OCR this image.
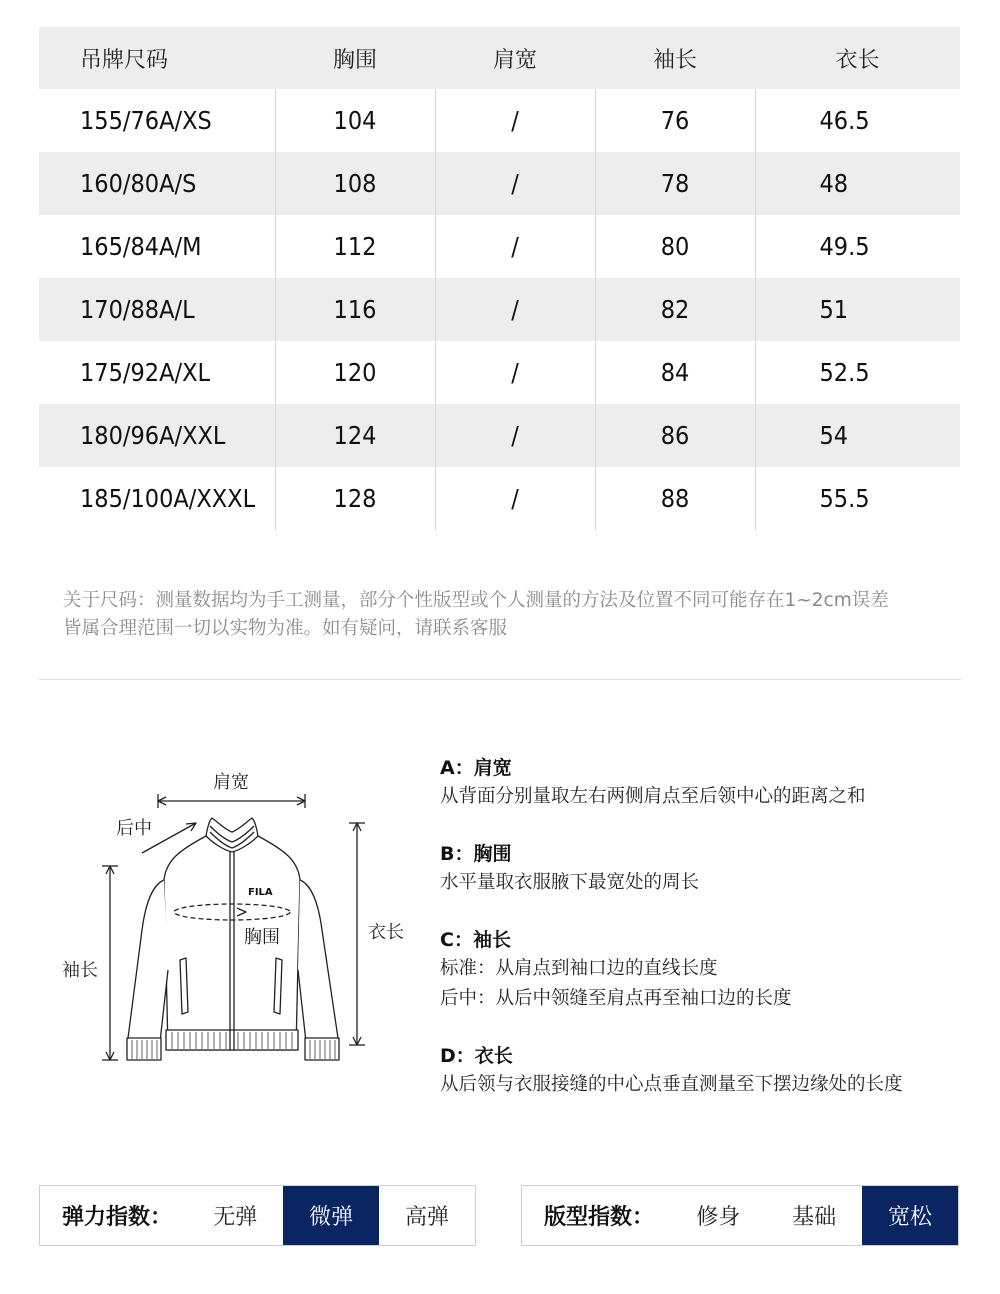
吊牌尺码	胸围	肩宽	袖长	衣长
155/76A/XS	104	/	76	46.5
160/80A/S	108	/	78	48
165/84A/M	112	/	80	49.5
170/88A/L	116	/	82	51
175/92A/XL	120	/	84	52.5
180/96A/XXL	124	/	86	54
185/100A/XXXL	128	/	88	55.5
关于尺码：测量数据均为手工测量，部分个性版型或个人测量的方法及位置不同可能存在1~2cm误差
皆属合理范围一切以实物为准。如有疑问，请联系客服
FILA
肩宽
后中
胸围
袖长
衣长
A：肩宽
从背面分别量取左右两侧肩点至后领中心的距离之和
B：胸围
水平量取衣服腋下最宽处的周长
C：袖长
标准：从肩点到袖口边的直线长度
后中：从后中领缝至肩点再至袖口边的长度
D：衣长
从后领与衣服接缝的中心点垂直测量至下摆边缘处的长度
弹力指数：	无弹	微弹	高弹	版型指数：	修身	基础	宽松
